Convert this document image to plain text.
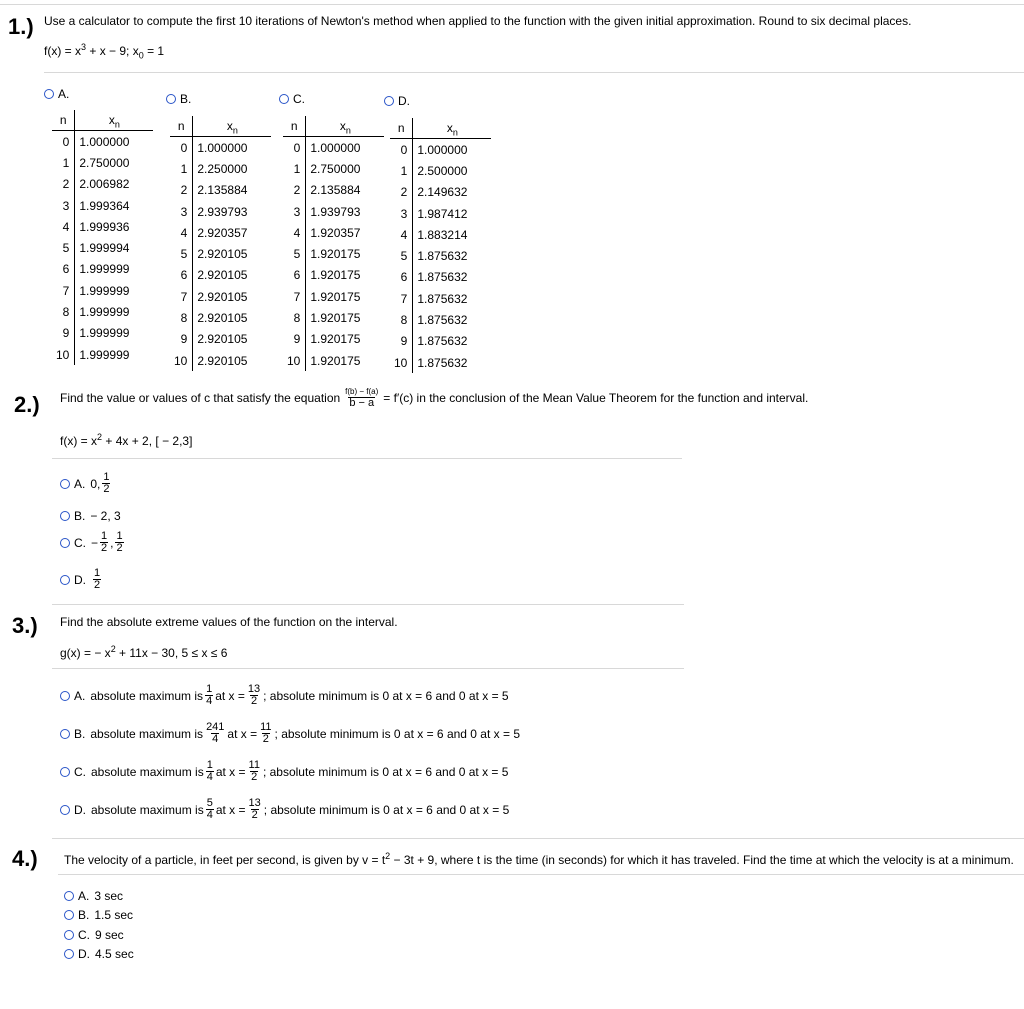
1.) Use a calculator to compute the first 10 iterations of Newton's method when applied to the function with the given initial approximation. Round to six decimal places.
$f(x) = x^3 + x - 9$; $x_0 = 1$
A.	B.	C.	D.
n	$x_n$
0	1.000000
1	2.750000
2	2.006982
3	1.999364
4	1.999936
5	1.999994
6	1.999999
7	1.999999
8	1.999999
9	1.999999
10	1.999999
n	$x_n$
0	1.000000
1	2.250000
2	2.135884
3	2.939793
4	2.920357
5	2.920105
6	2.920105
7	2.920105
8	2.920105
9	2.920105
10	2.920105
n	$x_n$
0	1.000000
1	2.750000
2	2.135884
3	1.939793
4	1.920357
5	1.920175
6	1.920175
7	1.920175
8	1.920175
9	1.920175
10	1.920175
n	$x_n$
0	1.000000
1	2.500000
2	2.149632
3	1.987412
4	1.883214
5	1.875632
6	1.875632
7	1.875632
8	1.875632
9	1.875632
10	1.875632
2.) Find the value or values of c that satisfy the equation $\frac{f(b) - f(a)}{b - a} = f'(c)$ in the conclusion of the Mean Value Theorem for the function and interval.
$f(x) = x^2 + 4x + 2$, [ − 2,3]
A. 0, $\frac{1}{2}$
B. − 2, 3
C. − $\frac{1}{2}$ , $\frac{1}{2}$
D. $\frac{1}{2}$
3.) Find the absolute extreme values of the function on the interval.
g(x) = − $x^2 + 11x - 30$, 5 ≤ x ≤ 6
A. absolute maximum is $\frac{1}{4}$ at $x = \frac{13}{2}$ ; absolute minimum is 0 at x = 6 and 0 at x = 5
B. absolute maximum is $\frac{241}{4}$ at $x = \frac{11}{2}$ ; absolute minimum is 0 at x = 6 and 0 at x = 5
C. absolute maximum is $\frac{1}{4}$ at $x = \frac{11}{2}$ ; absolute minimum is 0 at x = 6 and 0 at x = 5
D. absolute maximum is $\frac{5}{4}$ at $x = \frac{13}{2}$ ; absolute minimum is 0 at x = 6 and 0 at x = 5
4.) The velocity of a particle, in feet per second, is given by $v = t^2 - 3t + 9$, where t is the time (in seconds) for which it has traveled. Find the time at which the velocity is at a minimum.
A. 3 sec
B. 1.5 sec
C. 9 sec
D. 4.5 sec
